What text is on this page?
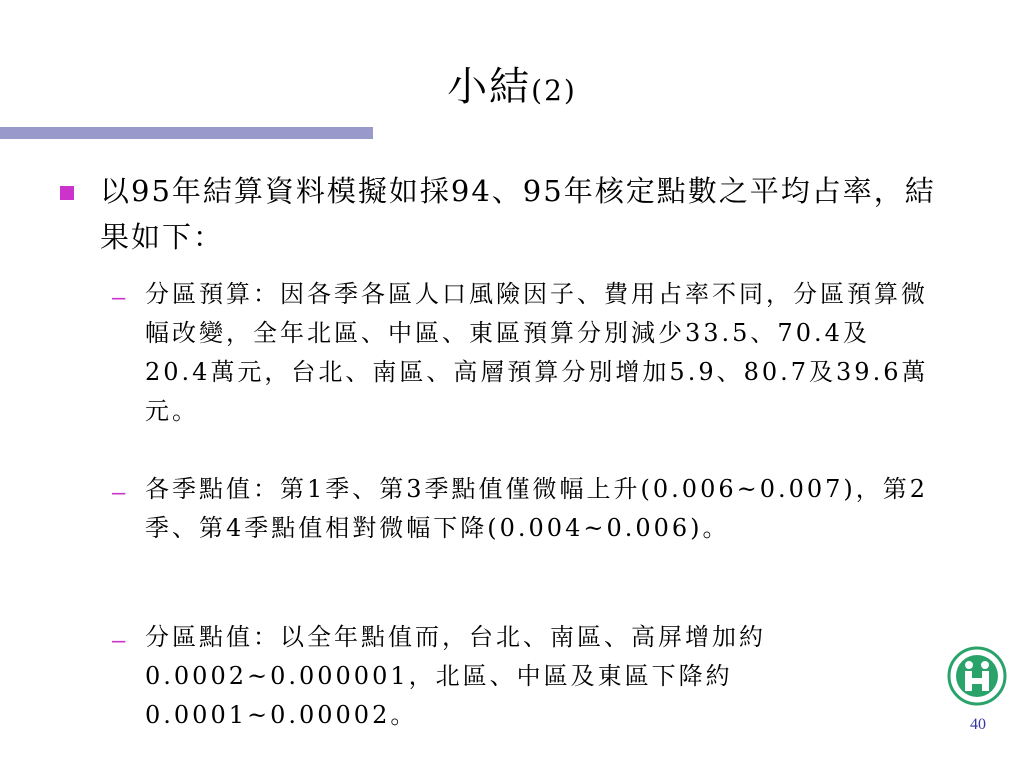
小結(2)
以95年結算資料模擬如採94、95年核定點數之平均占率，結果如下：
– 分區預算：因各季各區人口風險因子、費用占率不同，分區預算微幅改變，全年北區、中區、東區預算分別減少33.5、70.4及20.4萬元，台北、南區、高層預算分別增加5.9、80.7及39.6萬元。
– 各季點值：第1季、第3季點值僅微幅上升(0.006~0.007)，第2季、第4季點值相對微幅下降(0.004~0.006)。
– 分區點值：以全年點值而，台北、南區、高屏增加約0.0002~0.000001，北區、中區及東區下降約0.0001~0.00002。	40
